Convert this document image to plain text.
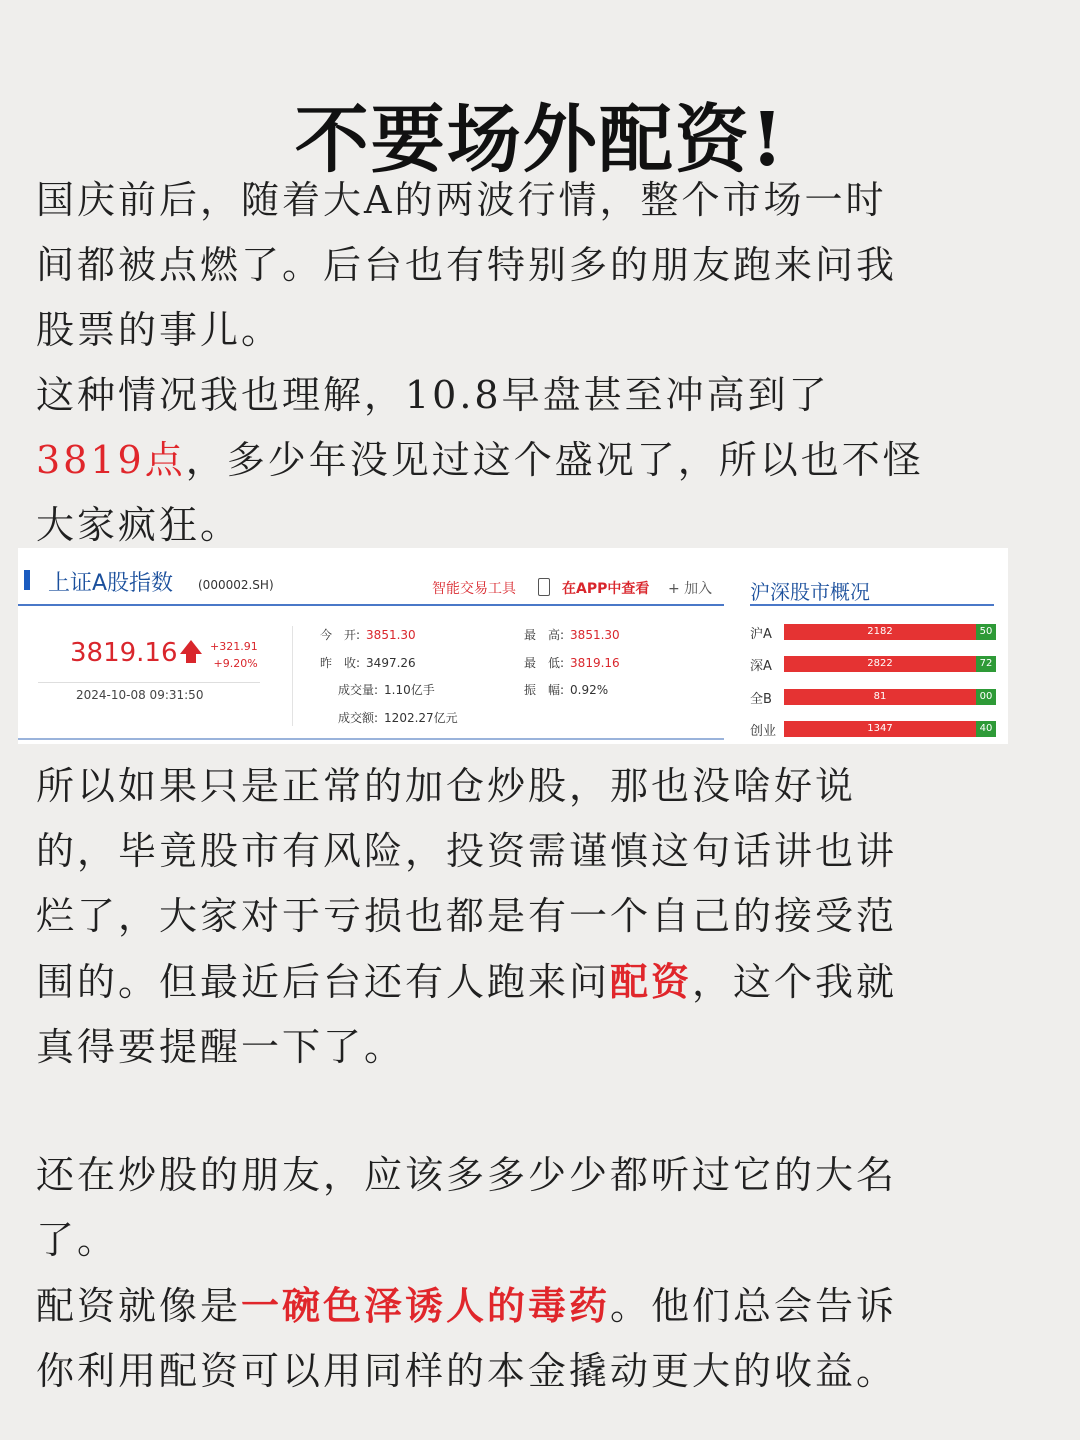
不要场外配资!

国庆前后，随着大A的两波行情，整个市场一时间都被点燃了。后台也有特别多的朋友跑来问我股票的事儿。

这种情况我也理解，10.8早盘甚至冲高到了3819点，多少年没见过这个盛况了，所以也不怪大家疯狂。

上证A股指数 (000002.SH)	智能交易工具	在APP中查看 + 加入
3819.16	+321.91
+9.20%
2024-10-08 09:31:50
今　开: 3851.30
昨　收: 3497.26
成交量: 1.10亿手
成交额: 1202.27亿元
最　高: 3851.30
最　低: 3819.16
振　幅: 0.92%
沪深股市概况
沪A	2182	50
深A	2822	72
全B	81	00
创业	1347	40

所以如果只是正常的加仓炒股，那也没啥好说的，毕竟股市有风险，投资需谨慎这句话讲也讲烂了，大家对于亏损也都是有一个自己的接受范围的。但最近后台还有人跑来问配资，这个我就真得要提醒一下了。

还在炒股的朋友，应该多多少少都听过它的大名了。

配资就像是一碗色泽诱人的毒药。他们总会告诉你利用配资可以用同样的本金撬动更大的收益。
